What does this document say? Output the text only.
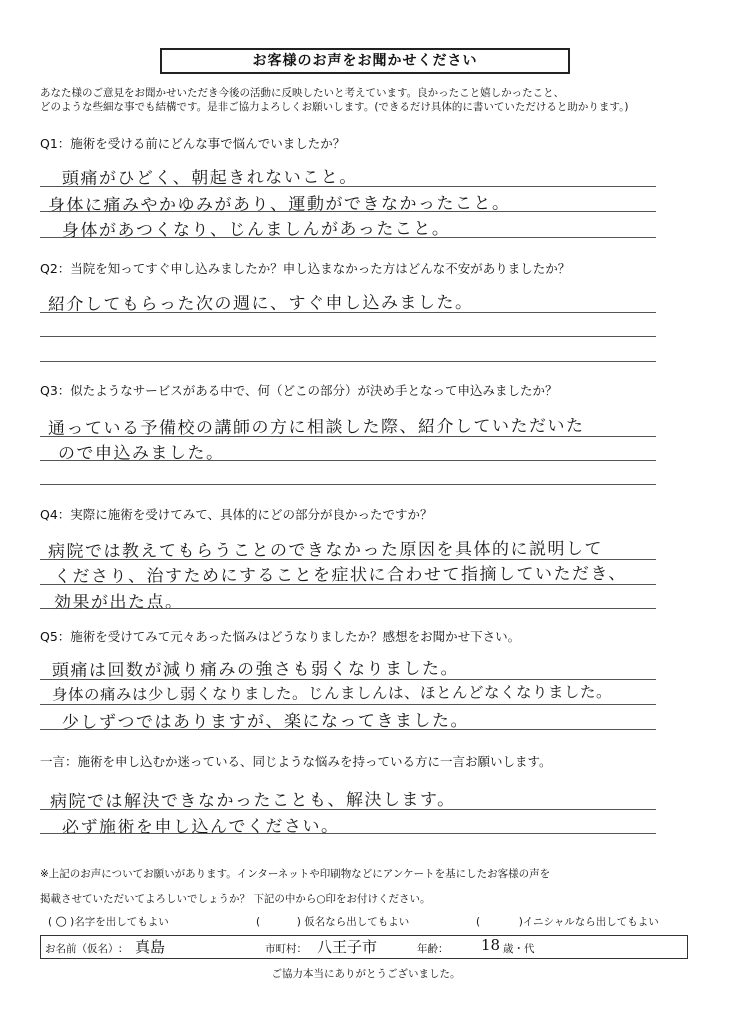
お客様のお声をお聞かせください
あなた様のご意見をお聞かせいただき今後の活動に反映したいと考えています。良かったこと嬉しかったこと、
どのような些細な事でも結構です。是非ご協力よろしくお願いします。(できるだけ具体的に書いていただけると助かります。)
Q1：施術を受ける前にどんな事で悩んでいましたか？
頭痛がひどく、朝起きれないこと。
身体に痛みやかゆみがあり、運動ができなかったこと。
身体があつくなり、じんましんがあったこと。
Q2：当院を知ってすぐ申し込みましたか？申し込まなかった方はどんな不安がありましたか？
紹介してもらった次の週に、すぐ申し込みました。
Q3：似たようなサービスがある中で、何（どこの部分）が決め手となって申込みましたか？
通っている予備校の講師の方に相談した際、紹介していただいた
ので申込みました。
Q4：実際に施術を受けてみて、具体的にどの部分が良かったですか？
病院では教えてもらうことのできなかった原因を具体的に説明して
くださり、治すためにすることを症状に合わせて指摘していただき、
効果が出た点。
Q5：施術を受けてみて元々あった悩みはどうなりましたか？感想をお聞かせ下さい。
頭痛は回数が減り痛みの強さも弱くなりました。
身体の痛みは少し弱くなりました。じんましんは、ほとんどなくなりました。
少しずつではありますが、楽になってきました。
一言：施術を申し込むか迷っている、同じような悩みを持っている方に一言お願いします。
病院では解決できなかったことも、解決します。
必ず施術を申し込んでください。
※上記のお声についてお願いがあります。インターネットや印刷物などにアンケートを基にしたお客様の声を
掲載させていただいてよろしいでしょうか？ 下記の中から○印をお付けください。
( ○ )名字を出してもよい	(	) 仮名なら出してもよい	(	)イニシャルなら出してもよい
お名前（仮名）: 真島	市町村： 八王子市	年齢： 18 歳・代
ご協力本当にありがとうございました。
